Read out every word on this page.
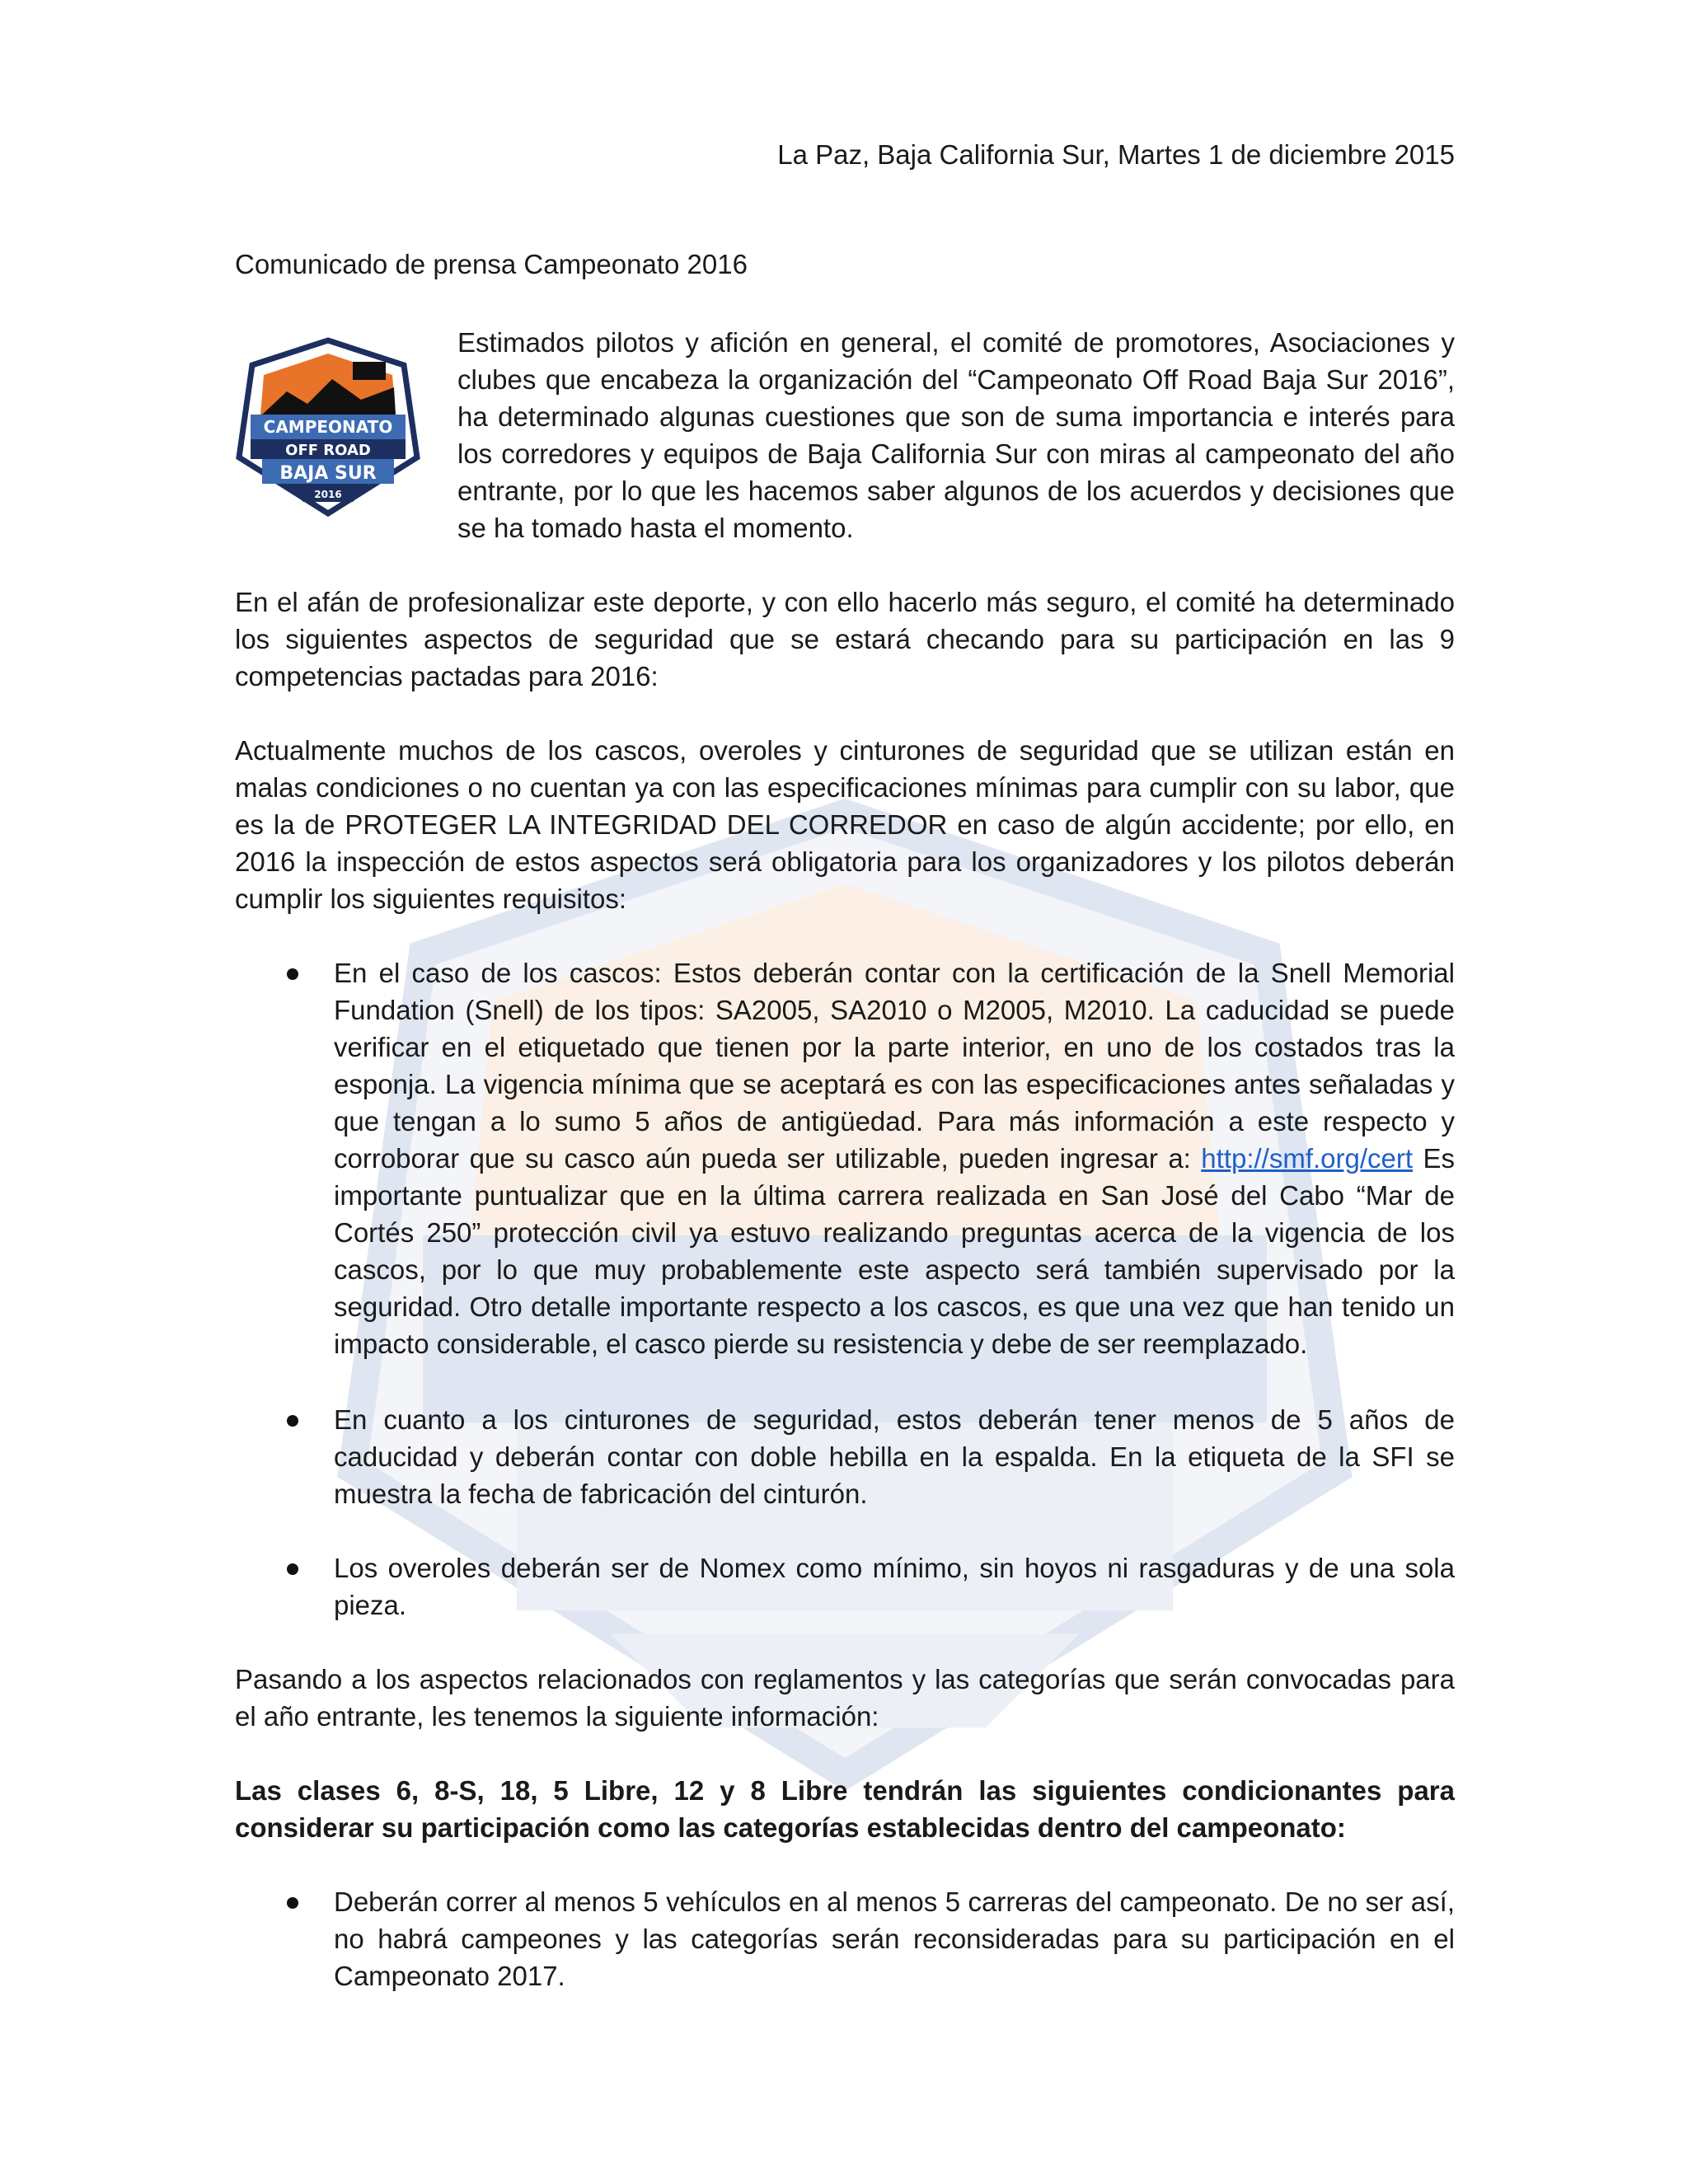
La Paz, Baja California Sur, Martes 1 de diciembre 2015
Comunicado de prensa Campeonato 2016
CAMPEONATO
OFF ROAD
BAJA SUR
2016
Estimados pilotos y afición en general, el comité de promotores, Asociaciones y clubes que encabeza la organización del “Campeonato Off Road Baja Sur 2016”, ha determinado algunas cuestiones que son de suma importancia e interés para los corredores y equipos de Baja California Sur con miras al campeonato del año entrante, por lo que les hacemos saber algunos de los acuerdos y decisiones que se ha tomado hasta el momento.
En el afán de profesionalizar este deporte, y con ello hacerlo más seguro, el comité ha determinado los siguientes aspectos de seguridad que se estará checando para su participación en las 9 competencias pactadas para 2016:
Actualmente muchos de los cascos, overoles y cinturones de seguridad que se utilizan están en malas condiciones o no cuentan ya con las especificaciones mínimas para cumplir con su labor, que es la de PROTEGER LA INTEGRIDAD DEL CORREDOR en caso de algún accidente; por ello, en 2016 la inspección de estos aspectos será obligatoria para los organizadores y los pilotos deberán cumplir los siguientes requisitos:
En el caso de los cascos: Estos deberán contar con la certificación de la Snell Memorial Fundation (Snell) de los tipos: SA2005, SA2010 o M2005, M2010. La caducidad se puede verificar en el etiquetado que tienen por la parte interior, en uno de los costados tras la esponja. La vigencia mínima que se aceptará es con las especificaciones antes señaladas y que tengan a lo sumo 5 años de antigüedad. Para más información a este respecto y corroborar que su casco aún pueda ser utilizable, pueden ingresar a: http://smf.org/cert Es importante puntualizar que en la última carrera realizada en San José del Cabo “Mar de Cortés 250” protección civil ya estuvo realizando preguntas acerca de la vigencia de los cascos, por lo que muy probablemente este aspecto será también supervisado por la seguridad. Otro detalle importante respecto a los cascos, es que una vez que han tenido un impacto considerable, el casco pierde su resistencia y debe de ser reemplazado.
En cuanto a los cinturones de seguridad, estos deberán tener menos de 5 años de caducidad y deberán contar con doble hebilla en la espalda. En la etiqueta de la SFI se muestra la fecha de fabricación del cinturón.
Los overoles deberán ser de Nomex como mínimo, sin hoyos ni rasgaduras y de una sola pieza.
Pasando a los aspectos relacionados con reglamentos y las categorías que serán convocadas para el año entrante, les tenemos la siguiente información:
Las clases 6, 8-S, 18, 5 Libre, 12 y 8 Libre tendrán las siguientes condicionantes para considerar su participación como las categorías establecidas dentro del campeonato:
Deberán correr al menos 5 vehículos en al menos 5 carreras del campeonato. De no ser así, no habrá campeones y las categorías serán reconsideradas para su participación en el Campeonato 2017.
